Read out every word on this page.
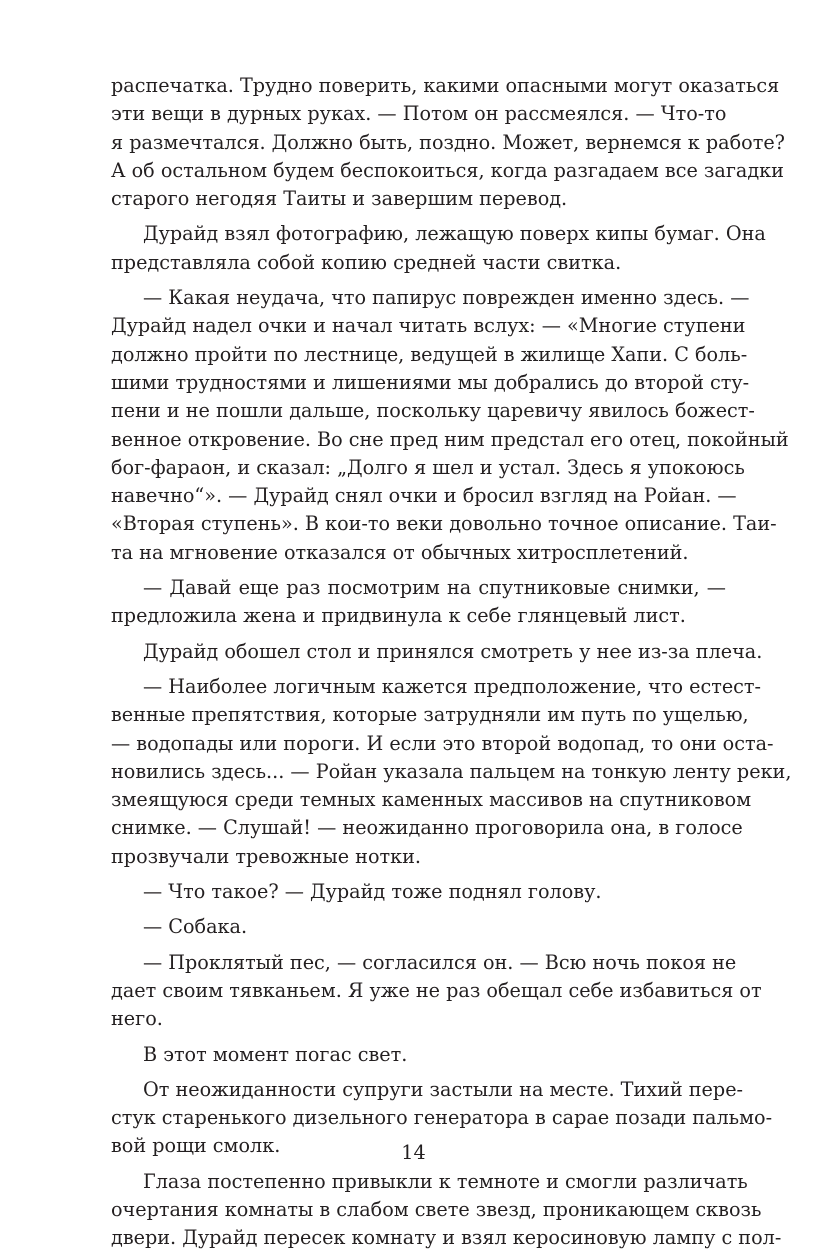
распечатка. Трудно поверить, какими опасными могут оказаться
эти вещи в дурных руках. — Потом он рассмеялся. — Что-то
я размечтался. Должно быть, поздно. Может, вернемся к работе?
А об остальном будем беспокоиться, когда разгадаем все загадки
старого негодяя Таиты и завершим перевод.
Дурайд взял фотографию, лежащую поверх кипы бумаг. Она
представляла собой копию средней части свитка.
— Какая неудача, что папирус поврежден именно здесь. —
Дурайд надел очки и начал читать вслух: — «Многие ступени
должно пройти по лестнице, ведущей в жилище Хапи. С боль-
шими трудностями и лишениями мы добрались до второй сту-
пени и не пошли дальше, поскольку царевичу явилось божест-
венное откровение. Во сне пред ним предстал его отец, покойный
бог-фараон, и сказал: „Долго я шел и устал. Здесь я упокоюсь
навечно“». — Дурайд снял очки и бросил взгляд на Ройан. —
«Вторая ступень». В кои-то веки довольно точное описание. Таи-
та на мгновение отказался от обычных хитросплетений.
— Давай еще раз посмотрим на спутниковые снимки, —
предложила жена и придвинула к себе глянцевый лист.
Дурайд обошел стол и принялся смотреть у нее из-за плеча.
— Наиболее логичным кажется предположение, что естест-
венные препятствия, которые затрудняли им путь по ущелью,
— водопады или пороги. И если это второй водопад, то они оста-
новились здесь... — Ройан указала пальцем на тонкую ленту реки,
змеящуюся среди темных каменных массивов на спутниковом
снимке. — Слушай! — неожиданно проговорила она, в голосе
прозвучали тревожные нотки.
— Что такое? — Дурайд тоже поднял голову.
— Собака.
— Проклятый пес, — согласился он. — Всю ночь покоя не
дает своим тявканьем. Я уже не раз обещал себе избавиться от
него.
В этот момент погас свет.
От неожиданности супруги застыли на месте. Тихий пере-
стук старенького дизельного генератора в сарае позади пальмо-
вой рощи смолк.
Глаза постепенно привыкли к темноте и смогли различать
очертания комнаты в слабом свете звезд, проникающем сквозь
двери. Дурайд пересек комнату и взял керосиновую лампу с пол-
14
